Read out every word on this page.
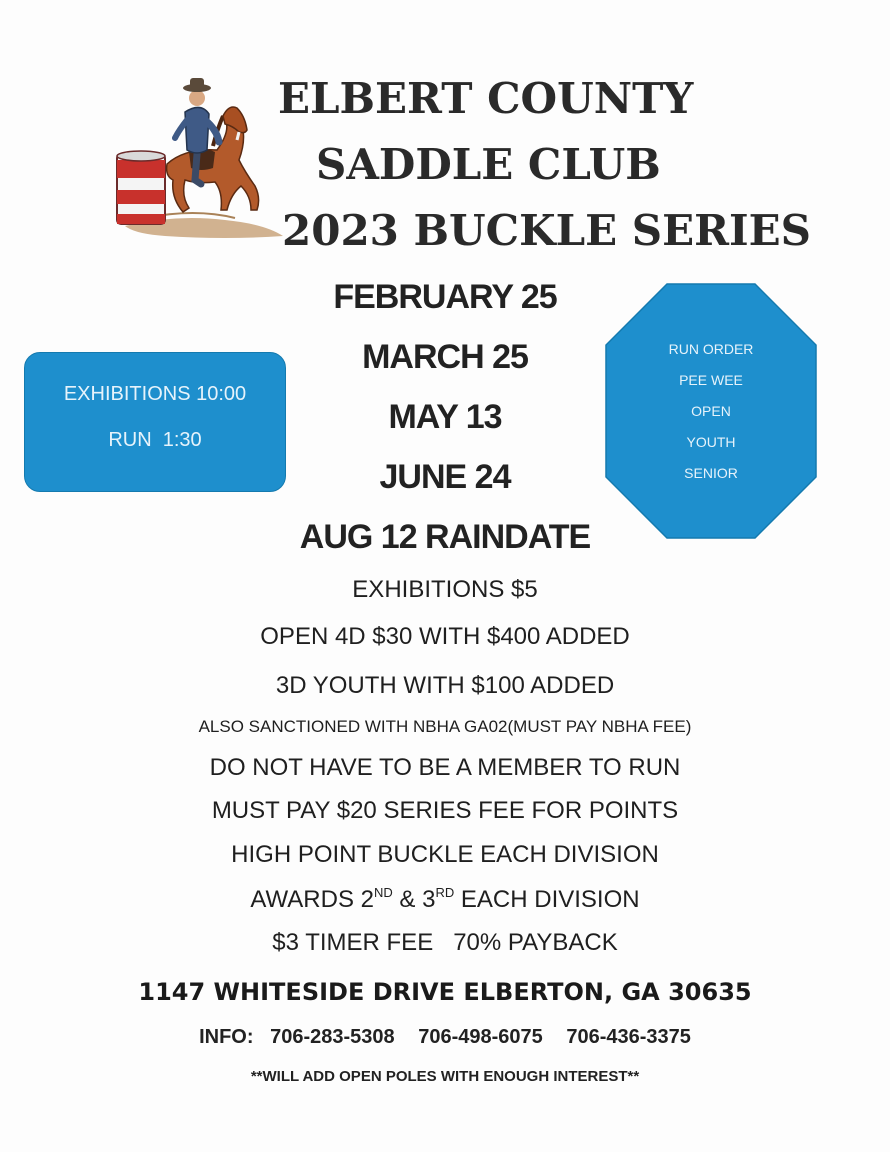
ELBERT COUNTY
SADDLE CLUB
2023 BUCKLE SERIES
FEBRUARY 25
MARCH 25
MAY 13
JUNE 24
AUG 12 RAINDATE
EXHIBITIONS 10:00
RUN  1:30
RUN ORDER
PEE WEE
OPEN
YOUTH
SENIOR
EXHIBITIONS $5
OPEN 4D $30 WITH $400 ADDED
3D YOUTH WITH $100 ADDED
ALSO SANCTIONED WITH NBHA GA02(MUST PAY NBHA FEE)
DO NOT HAVE TO BE A MEMBER TO RUN
MUST PAY $20 SERIES FEE FOR POINTS
HIGH POINT BUCKLE EACH DIVISION
AWARDS 2ND & 3RD EACH DIVISION
$3 TIMER FEE   70% PAYBACK
1147 WHITESIDE DRIVE ELBERTON, GA 30635
INFO: 706-283-5308 706-498-6075 706-436-3375
**WILL ADD OPEN POLES WITH ENOUGH INTEREST**
